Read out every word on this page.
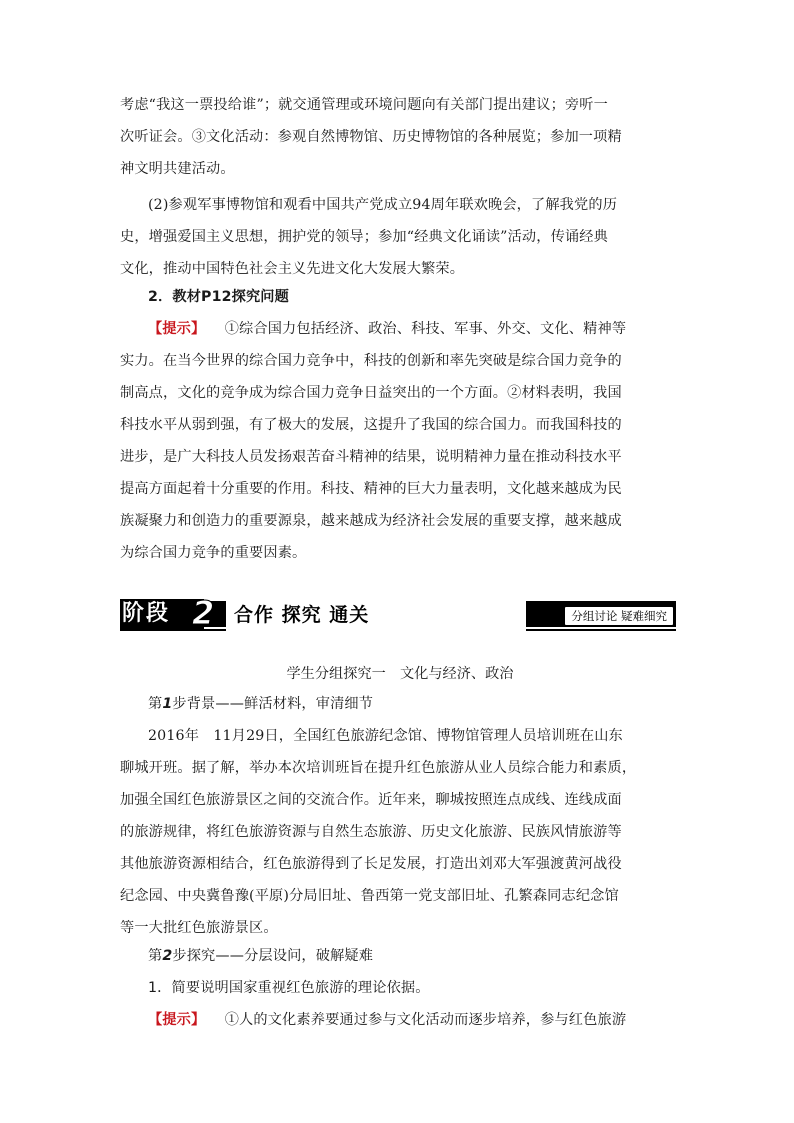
考虑“我这一票投给谁”；就交通管理或环境问题向有关部门提出建议；旁听一
次听证会。③文化活动：参观自然博物馆、历史博物馆的各种展览；参加一项精
神文明共建活动。
(2)参观军事博物馆和观看中国共产党成立94周年联欢晚会，了解我党的历
史，增强爱国主义思想，拥护党的领导；参加“经典文化诵读”活动，传诵经典
文化，推动中国特色社会主义先进文化大发展大繁荣。
2．教材P12探究问题
【提示】 ①综合国力包括经济、政治、科技、军事、外交、文化、精神等
实力。在当今世界的综合国力竞争中，科技的创新和率先突破是综合国力竞争的
制高点，文化的竞争成为综合国力竞争日益突出的一个方面。②材料表明，我国
科技水平从弱到强，有了极大的发展，这提升了我国的综合国力。而我国科技的
进步，是广大科技人员发扬艰苦奋斗精神的结果，说明精神力量在推动科技水平
提高方面起着十分重要的作用。科技、精神的巨大力量表明，文化越来越成为民
族凝聚力和创造力的重要源泉，越来越成为经济社会发展的重要支撑，越来越成
为综合国力竞争的重要因素。
学生分组探究一　文化与经济、政治
第1步背景——鲜活材料，审清细节
2016年　11月29日，全国红色旅游纪念馆、博物馆管理人员培训班在山东
聊城开班。据了解，举办本次培训班旨在提升红色旅游从业人员综合能力和素质，
加强全国红色旅游景区之间的交流合作。近年来，聊城按照连点成线、连线成面
的旅游规律，将红色旅游资源与自然生态旅游、历史文化旅游、民族风情旅游等
其他旅游资源相结合，红色旅游得到了长足发展，打造出刘邓大军强渡黄河战役
纪念园、中央冀鲁豫(平原)分局旧址、鲁西第一党支部旧址、孔繁森同志纪念馆
等一大批红色旅游景区。
第2步探究——分层设问，破解疑难
1．简要说明国家重视红色旅游的理论依据。
【提示】 ①人的文化素养要通过参与文化活动而逐步培养，参与红色旅游
阶段 2	合作 探究 通关	分组讨论 疑难细究
